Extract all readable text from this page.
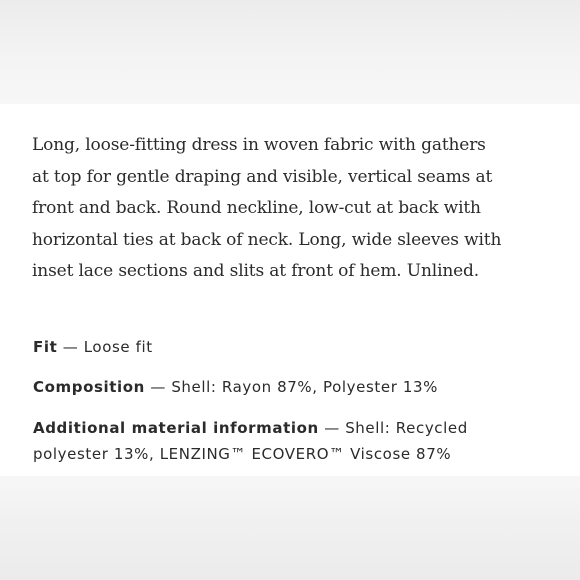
Long, loose-fitting dress in woven fabric with gathers
at top for gentle draping and visible, vertical seams at
front and back. Round neckline, low-cut at back with
horizontal ties at back of neck. Long, wide sleeves with
inset lace sections and slits at front of hem. Unlined.

Fit — Loose fit

Composition — Shell: Rayon 87%, Polyester 13%

Additional material information — Shell: Recycled
polyester 13%, LENZING™ ECOVERO™ Viscose 87%
